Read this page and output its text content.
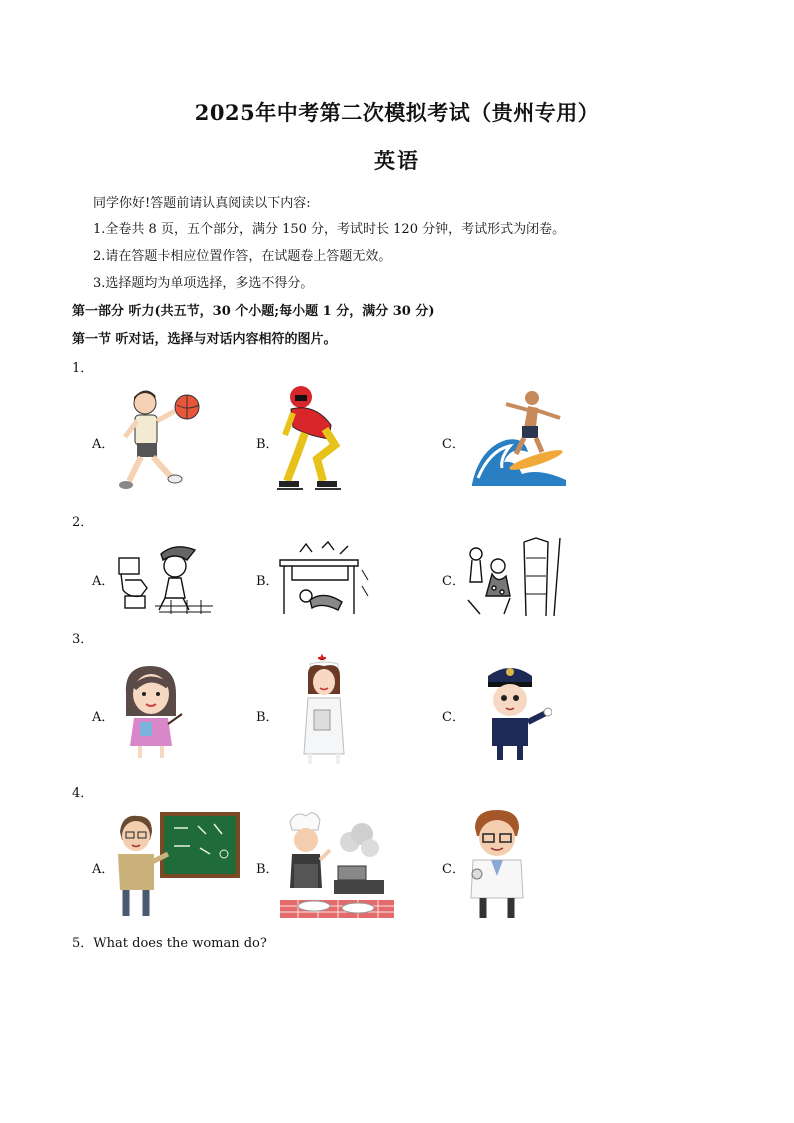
2025年中考第二次模拟考试（贵州专用）
英语
同学你好!答题前请认真阅读以下内容:
1.全卷共 8 页，五个部分，满分 150 分，考试时长 120 分钟，考试形式为闭卷。
2.请在答题卡相应位置作答，在试题卷上答题无效。
3.选择题均为单项选择，多选不得分。
第一部分 听力(共五节，30 个小题;每小题 1 分，满分 30 分)
第一节 听对话，选择与对话内容相符的图片。
1．
A．	B．	C．
2．
A．	B．	C．
3．
A．	B．	C．
4．
A．	B．	C．
5．What does the woman do?
